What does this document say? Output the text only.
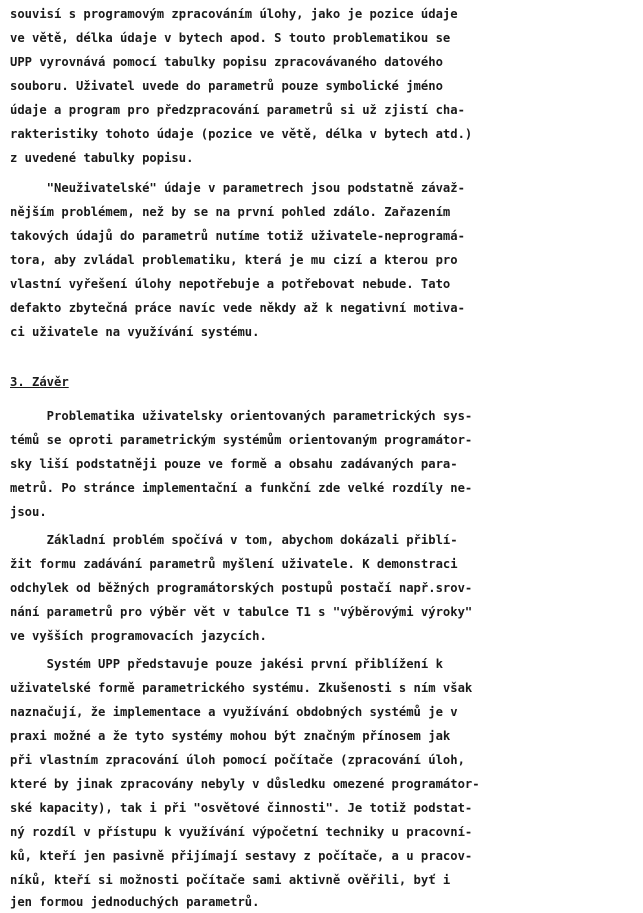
souvisí s programovým zpracováním úlohy, jako je pozice údaje
ve větě, délka údaje v bytech apod. S touto problematikou se
UPP vyrovnává pomocí tabulky popisu zpracovávaného datového
souboru. Uživatel uvede do parametrů pouze symbolické jméno
údaje a program pro předzpracování parametrů si už zjistí cha-
rakteristiky tohoto údaje (pozice ve větě, délka v bytech atd.)
z uvedené tabulky popisu.
"Neuživatelské" údaje v parametrech jsou podstatně závaž-
nějším problémem, než by se na první pohled zdálo. Zařazením
takových údajů do parametrů nutíme totiž uživatele-neprogramá-
tora, aby zvládal problematiku, která je mu cizí a kterou pro
vlastní vyřešení úlohy nepotřebuje a potřebovat nebude. Tato
defakto zbytečná práce navíc vede někdy až k negativní motiva-
ci uživatele na využívání systému.
3. Závěr
Problematika uživatelsky orientovaných parametrických sys-
témů se oproti parametrickým systémům orientovaným programátor-
sky liší podstatněji pouze ve formě a obsahu zadávaných para-
metrů. Po stránce implementační a funkční zde velké rozdíly ne-
jsou.
Základní problém spočívá v tom, abychom dokázali přiblí-
žit formu zadávání parametrů myšlení uživatele. K demonstraci
odchylek od běžných programátorských postupů postačí např.srov-
nání parametrů pro výběr vět v tabulce T1 s "výběrovými výroky"
ve vyšších programovacích jazycích.
Systém UPP představuje pouze jakési první přiblížení k
uživatelské formě parametrického systému. Zkušenosti s ním však
naznačují, že implementace a využívání obdobných systémů je v
praxi možné a že tyto systémy mohou být značným přínosem jak
při vlastním zpracování úloh pomocí počítače (zpracování úloh,
které by jinak zpracovány nebyly v důsledku omezené programátor-
ské kapacity), tak i při "osvětové činnosti". Je totiž podstat-
ný rozdíl v přístupu k využívání výpočetní techniky u pracovní-
ků, kteří jen pasivně přijímají sestavy z počítače, a u pracov-
níků, kteří si možnosti počítače sami aktivně ověřili, byť i
jen formou jednoduchých parametrů.
